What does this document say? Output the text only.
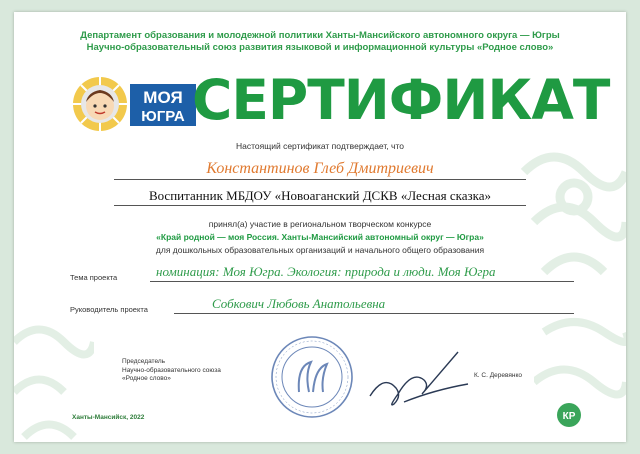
Департамент образования и молодежной политики Ханты-Мансийского автономного округа — Югры
Научно-образовательный союз развития языковой и информационной культуры «Родное слово»
МОЯ
ЮГРА СЕРТИФИКАТ
Настоящий сертификат подтверждает, что
Константинов Глеб Дмитриевич
Воспитанник МБДОУ «Новоаганский ДСКВ «Лесная сказка»
принял(а) участие в региональном творческом конкурсе
«Край родной — моя Россия. Ханты-Мансийский автономный округ — Югра»
для дошкольных образовательных организаций и начального общего образования
Тема проекта	номинация: Моя Югра. Экология: природа и люди. Моя Югра
Руководитель проекта	Собкович Любовь Анатольевна
Председатель
Научно-образовательного союза
«Родное слово»	К. С. Деревянко
Ханты-Мансийск, 2022	КР
